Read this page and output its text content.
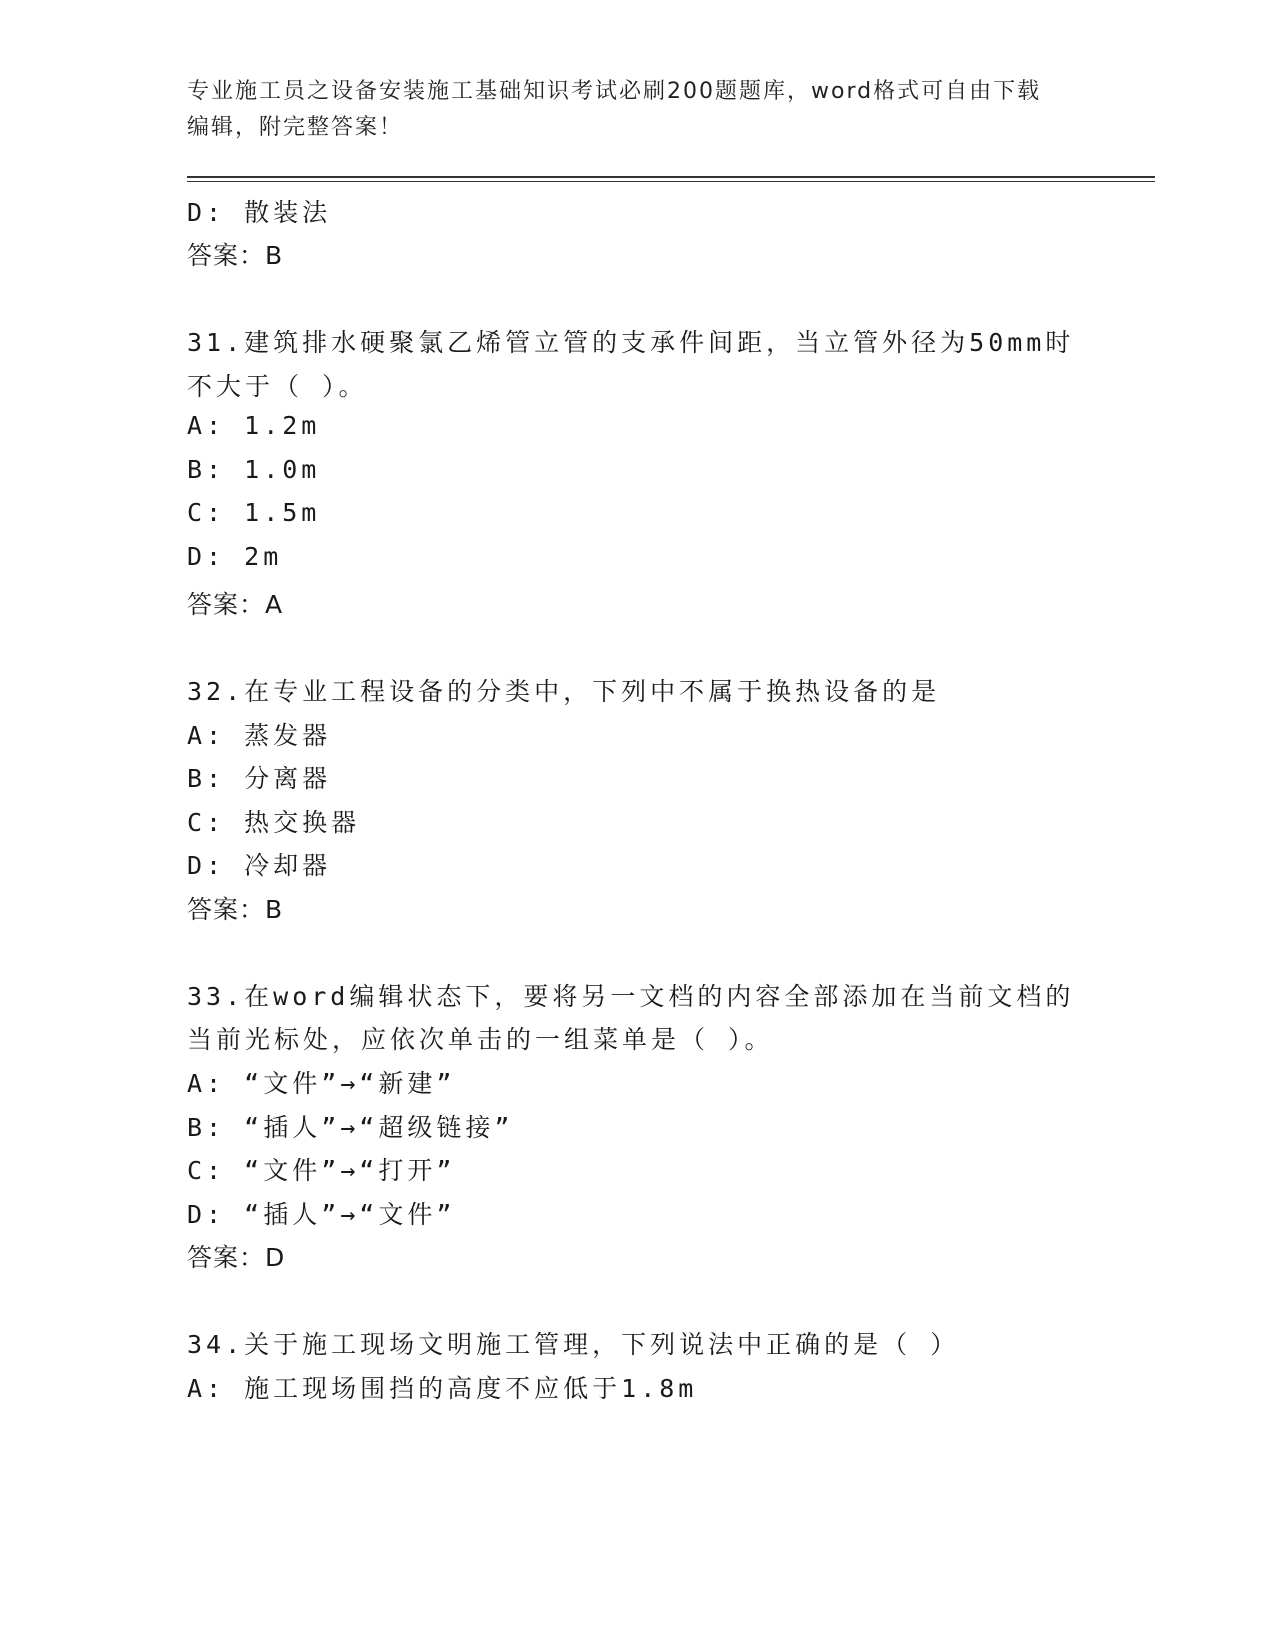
专业施工员之设备安装施工基础知识考试必刷200题题库，word格式可自由下载
编辑，附完整答案！
D: 散装法
答案：B
31.建筑排水硬聚氯乙烯管立管的支承件间距，当立管外径为50mm时
不大于（ ）。
A: 1.2m
B: 1.0m
C: 1.5m
D: 2m
答案：A
32.在专业工程设备的分类中，下列中不属于换热设备的是
A: 蒸发器
B: 分离器
C: 热交换器
D: 冷却器
答案：B
33.在word编辑状态下，要将另一文档的内容全部添加在当前文档的
当前光标处，应依次单击的一组菜单是（ ）。
A: “文件”→“新建”
B: “插人”→“超级链接”
C: “文件”→“打开”
D: “插人”→“文件”
答案：D
34.关于施工现场文明施工管理，下列说法中正确的是（ ）
A: 施工现场围挡的高度不应低于1.8m
